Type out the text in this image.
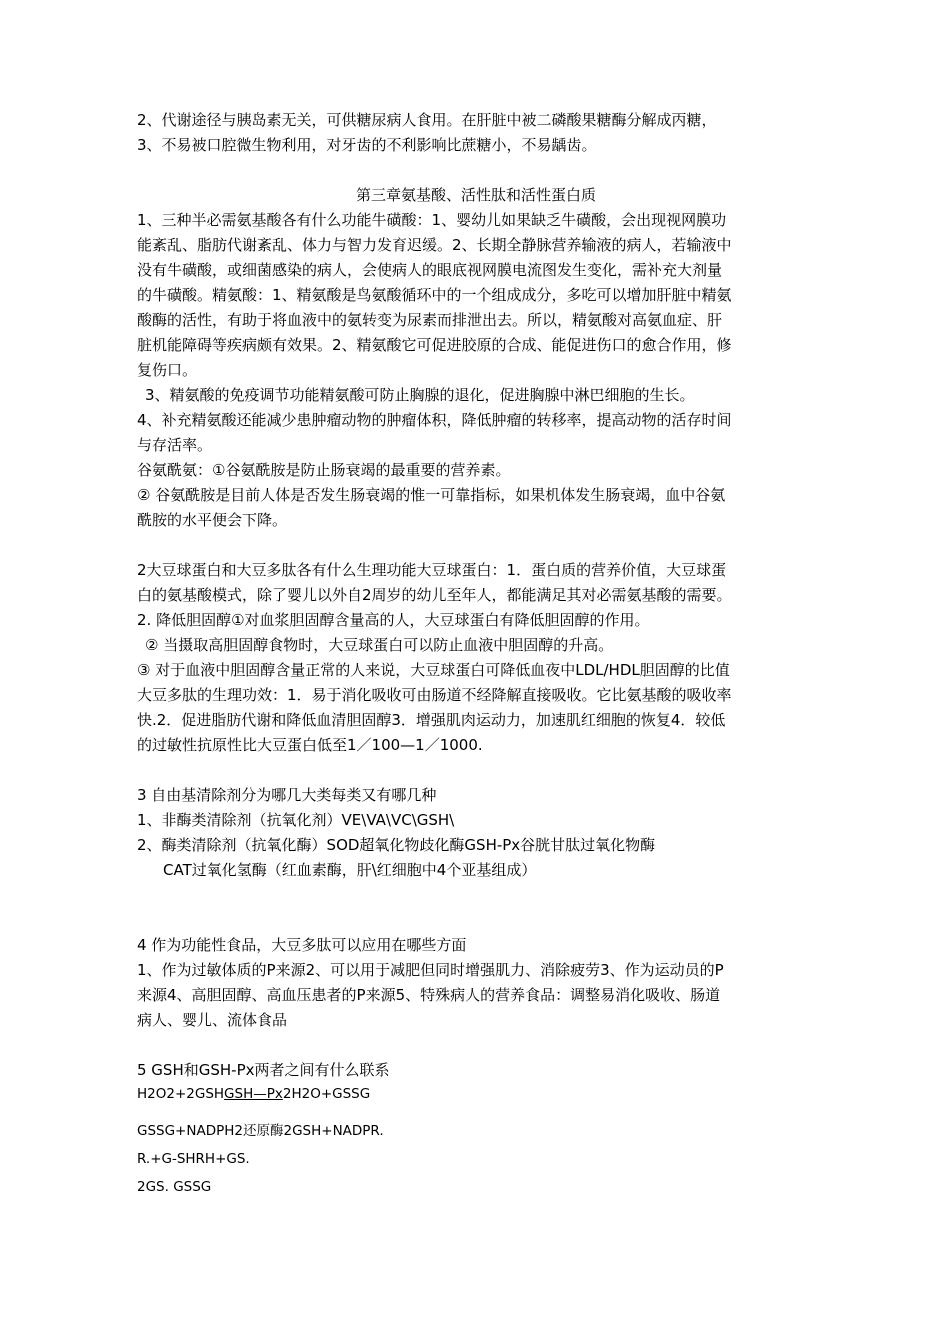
2、代谢途径与胰岛素无关，可供糖尿病人食用。在肝脏中被二磷酸果糖酶分解成丙糖，
3、不易被口腔微生物利用，对牙齿的不利影响比蔗糖小，不易龋齿。
第三章氨基酸、活性肽和活性蛋白质
1、三种半必需氨基酸各有什么功能牛磺酸：1、婴幼儿如果缺乏牛磺酸，会出现视网膜功
能紊乱、脂肪代谢紊乱、体力与智力发育迟缓。2、长期全静脉营养输液的病人，若输液中
没有牛磺酸，或细菌感染的病人，会使病人的眼底视网膜电流图发生变化，需补充大剂量
的牛磺酸。精氨酸：1、精氨酸是鸟氨酸循环中的一个组成成分，多吃可以增加肝脏中精氨
酸酶的活性，有助于将血液中的氨转变为尿素而排泄出去。所以，精氨酸对高氨血症、肝
脏机能障碍等疾病颇有效果。2、精氨酸它可促进胶原的合成、能促进伤口的愈合作用，修
复伤口。
3、精氨酸的免疫调节功能精氨酸可防止胸腺的退化，促进胸腺中淋巴细胞的生长。
4、补充精氨酸还能减少患肿瘤动物的肿瘤体积，降低肿瘤的转移率，提高动物的活存时间
与存活率。
谷氨酰氨：①谷氨酰胺是防止肠衰竭的最重要的营养素。
② 谷氨酰胺是目前人体是否发生肠衰竭的惟一可靠指标，如果机体发生肠衰竭，血中谷氨
酰胺的水平便会下降。
2大豆球蛋白和大豆多肽各有什么生理功能大豆球蛋白：1．蛋白质的营养价值，大豆球蛋
白的氨基酸模式，除了婴儿以外自2周岁的幼儿至年人，都能满足其对必需氨基酸的需要。
2. 降低胆固醇①对血浆胆固醇含量高的人，大豆球蛋白有降低胆固醇的作用。
② 当摄取高胆固醇食物时，大豆球蛋白可以防止血液中胆固醇的升高。
③ 对于血液中胆固醇含量正常的人来说，大豆球蛋白可降低血夜中LDL/HDL胆固醇的比值
大豆多肽的生理功效：1．易于消化吸收可由肠道不经降解直接吸收。它比氨基酸的吸收率
快.2．促进脂肪代谢和降低血清胆固醇3．增强肌肉运动力，加速肌红细胞的恢复4．较低
的过敏性抗原性比大豆蛋白低至1／100—1／1000.
3 自由基清除剂分为哪几大类每类又有哪几种
1、非酶类清除剂（抗氧化剂）VE\VA\VC\GSH\
2、酶类清除剂（抗氧化酶）SOD超氧化物歧化酶GSH-Px谷胱甘肽过氧化物酶
CAT过氧化氢酶（红血素酶，肝\红细胞中4个亚基组成）
4 作为功能性食品，大豆多肽可以应用在哪些方面
1、作为过敏体质的P来源2、可以用于减肥但同时增强肌力、消除疲劳3、作为运动员的P
来源4、高胆固醇、高血压患者的P来源5、特殊病人的营养食品：调整易消化吸收、肠道
病人、婴儿、流体食品
5 GSH和GSH-Px两者之间有什么联系
H2O2+2GSHGSH—Px2H2O+GSSG
GSSG+NADPH2还原酶2GSH+NADPR.
R.+G-SHRH+GS.
2GS. GSSG
